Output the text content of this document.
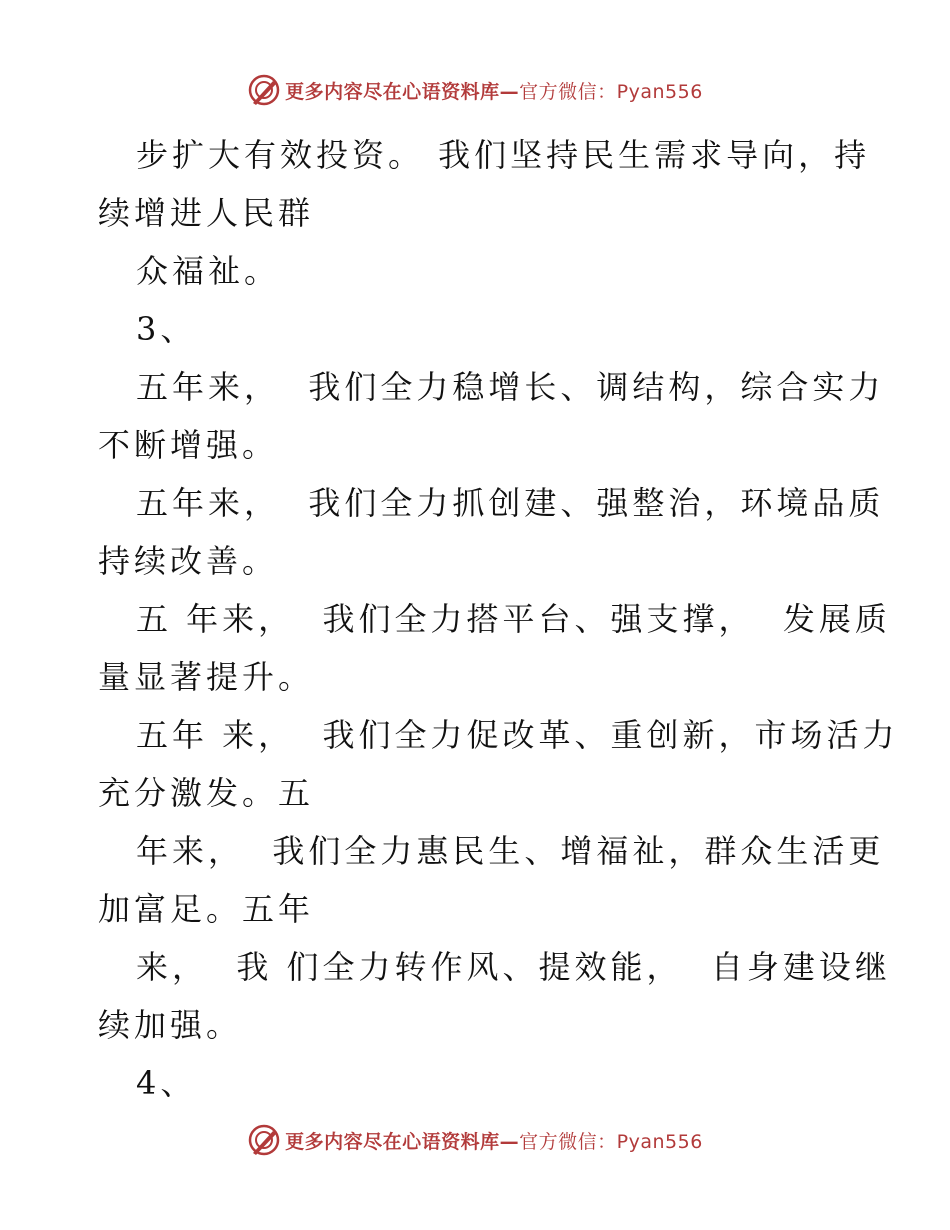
更多内容尽在心语资料库— 官方微信：Pyan556

步扩大有效投资。 我们坚持民生需求导向，持

续增进人民群

众福祉。

3、

五年来，  我们全力稳增长、调结构，综合实力

不断增强。

五年来，  我们全力抓创建、强整治，环境品质

持续改善。

五 年来，  我们全力搭平台、强支撑，  发展质

量显著提升。

五年 来，  我们全力促改革、重创新，市场活力

充分激发。五

年来，  我们全力惠民生、增福祉，群众生活更

加富足。五年

来，  我 们全力转作风、提效能，  自身建设继

续加强。

4、

更多内容尽在心语资料库— 官方微信：Pyan556
